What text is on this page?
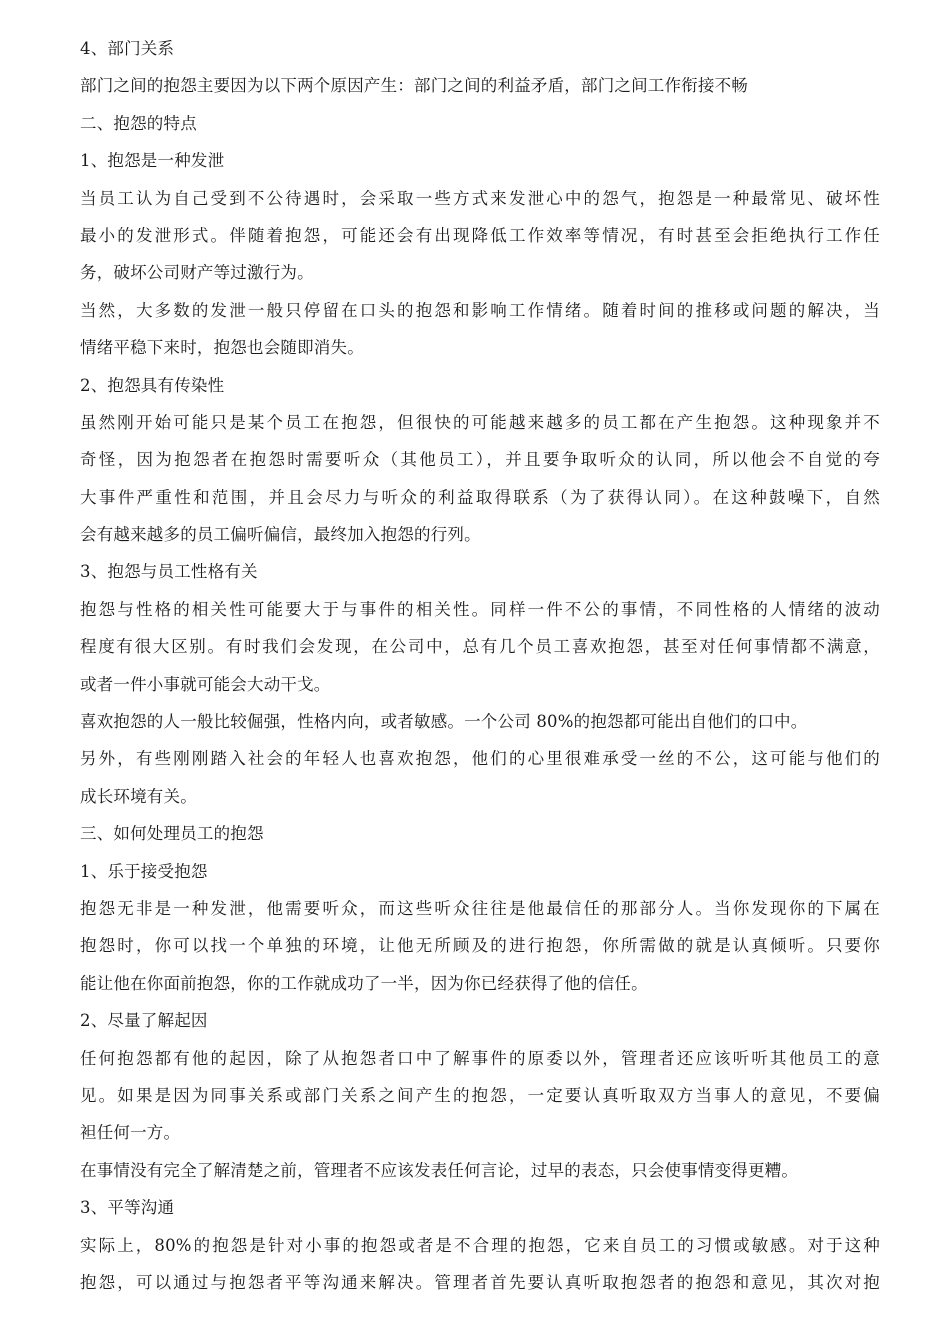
4、部门关系
部门之间的抱怨主要因为以下两个原因产生：部门之间的利益矛盾，部门之间工作衔接不畅
二、抱怨的特点
1、抱怨是一种发泄
当员工认为自己受到不公待遇时，会采取一些方式来发泄心中的怨气，抱怨是一种最常见、破坏性
最小的发泄形式。伴随着抱怨，可能还会有出现降低工作效率等情况，有时甚至会拒绝执行工作任
务，破坏公司财产等过激行为。
当然，大多数的发泄一般只停留在口头的抱怨和影响工作情绪。随着时间的推移或问题的解决，当
情绪平稳下来时，抱怨也会随即消失。
2、抱怨具有传染性
虽然刚开始可能只是某个员工在抱怨，但很快的可能越来越多的员工都在产生抱怨。这种现象并不
奇怪，因为抱怨者在抱怨时需要听众（其他员工），并且要争取听众的认同，所以他会不自觉的夸
大事件严重性和范围，并且会尽力与听众的利益取得联系（为了获得认同）。在这种鼓噪下，自然
会有越来越多的员工偏听偏信，最终加入抱怨的行列。
3、抱怨与员工性格有关
抱怨与性格的相关性可能要大于与事件的相关性。同样一件不公的事情，不同性格的人情绪的波动
程度有很大区别。有时我们会发现，在公司中，总有几个员工喜欢抱怨，甚至对任何事情都不满意，
或者一件小事就可能会大动干戈。
喜欢抱怨的人一般比较倔强，性格内向，或者敏感。一个公司 80%的抱怨都可能出自他们的口中。
另外，有些刚刚踏入社会的年轻人也喜欢抱怨，他们的心里很难承受一丝的不公，这可能与他们的
成长环境有关。
三、如何处理员工的抱怨
1、乐于接受抱怨
抱怨无非是一种发泄，他需要听众，而这些听众往往是他最信任的那部分人。当你发现你的下属在
抱怨时，你可以找一个单独的环境，让他无所顾及的进行抱怨，你所需做的就是认真倾听。只要你
能让他在你面前抱怨，你的工作就成功了一半，因为你已经获得了他的信任。
2、尽量了解起因
任何抱怨都有他的起因，除了从抱怨者口中了解事件的原委以外，管理者还应该听听其他员工的意
见。如果是因为同事关系或部门关系之间产生的抱怨，一定要认真听取双方当事人的意见，不要偏
袒任何一方。
在事情没有完全了解清楚之前，管理者不应该发表任何言论，过早的表态，只会使事情变得更糟。
3、平等沟通
实际上，80%的抱怨是针对小事的抱怨或者是不合理的抱怨，它来自员工的习惯或敏感。对于这种
抱怨，可以通过与抱怨者平等沟通来解决。管理者首先要认真听取抱怨者的抱怨和意见，其次对抱
